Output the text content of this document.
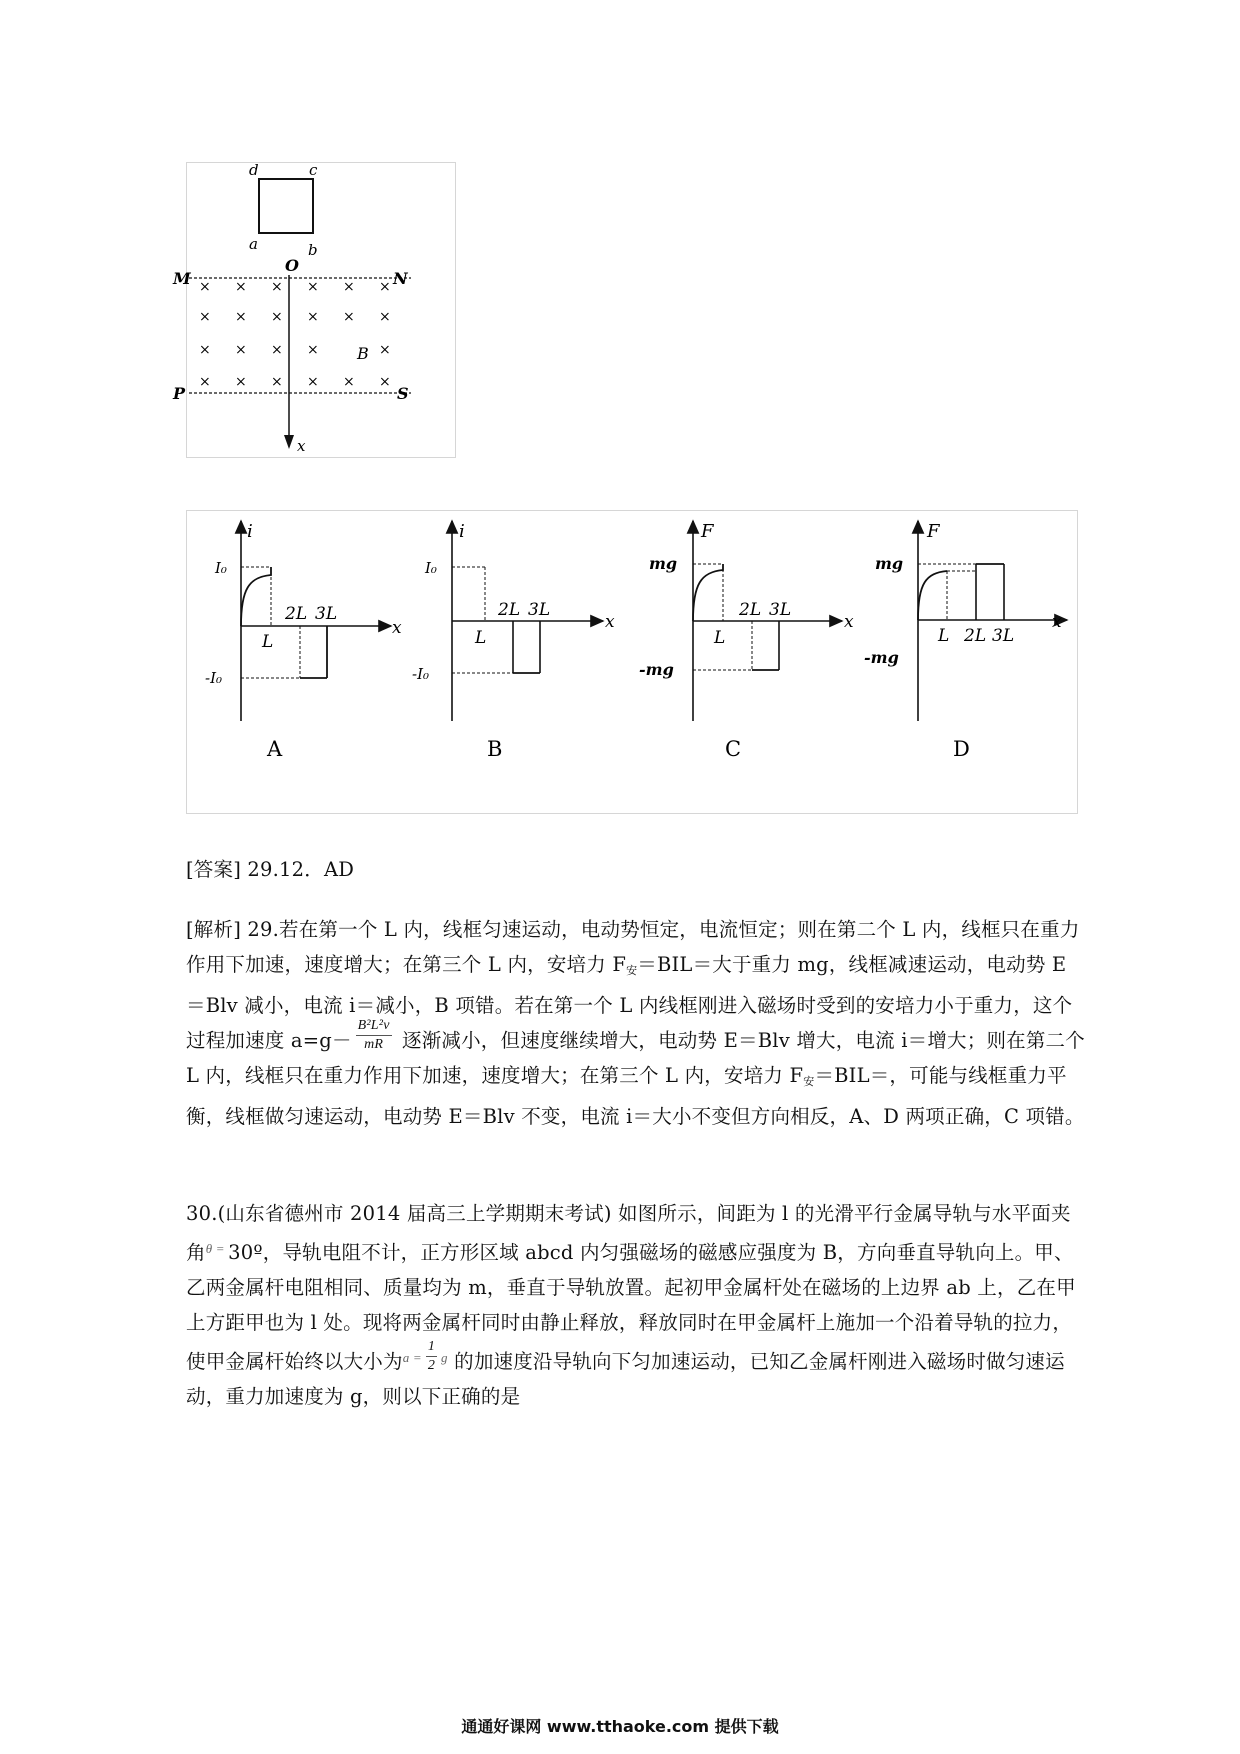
d	c
a	b
O
M	N
P	S
x
B
× × × × × ×
× × × × × ×
× × × ×	×
× × × × × ×
i
I₀
-I₀
L
2L 3L
x
A
i
I₀
-I₀
L
2L 3L
x
B
F
mg
-mg
L
2L 3L
x
C
F
mg
-mg
L 2L 3L
x
D

[答案] 29.12．AD

[解析] 29.若在第一个 L 内，线框匀速运动，电动势恒定，电流恒定；则在第二个 L 内，线框只在重力作用下加速，速度增大；在第三个 L 内，安培力 $F_安=BIL=$大于重力 mg，线框减速运动，电动势 E＝Blv 减小，电流 i＝减小，B 项错。若在第一个 L 内线框刚进入磁场时受到的安培力小于重力，这个过程加速度 $a=g- \frac{\text{B²L²v}}{mR}$ 逐渐减小，但速度继续增大，电动势 E＝Blv 增大，电流 i＝增大；则在第二个 L 内，线框只在重力作用下加速，速度增大；在第三个 L 内，安培力 $F_安=BIL=$，可能与线框重力平衡，线框做匀速运动，电动势 E＝Blv 不变，电流 i＝大小不变但方向相反，A、D 两项正确，C 项错。

30.(山东省德州市 2014 届高三上学期期末考试) 如图所示，间距为 l 的光滑平行金属导轨与水平面夹角$^{\theta =}$ 30º，导轨电阻不计，正方形区域 abcd 内匀强磁场的磁感应强度为 B，方向垂直导轨向上。甲、乙两金属杆电阻相同、质量均为 m，垂直于导轨放置。起初甲金属杆处在磁场的上边界 ab 上，乙在甲上方距甲也为 l 处。现将两金属杆同时由静止释放，释放同时在甲金属杆上施加一个沿着导轨的拉力，使甲金属杆始终以大小为$^{a =} \frac{1}{2} ^g$ 的加速度沿导轨向下匀加速运动，已知乙金属杆刚进入磁场时做匀速运动，重力加速度为 g，则以下正确的是

通通好课网 www.tthaoke.com 提供下载
